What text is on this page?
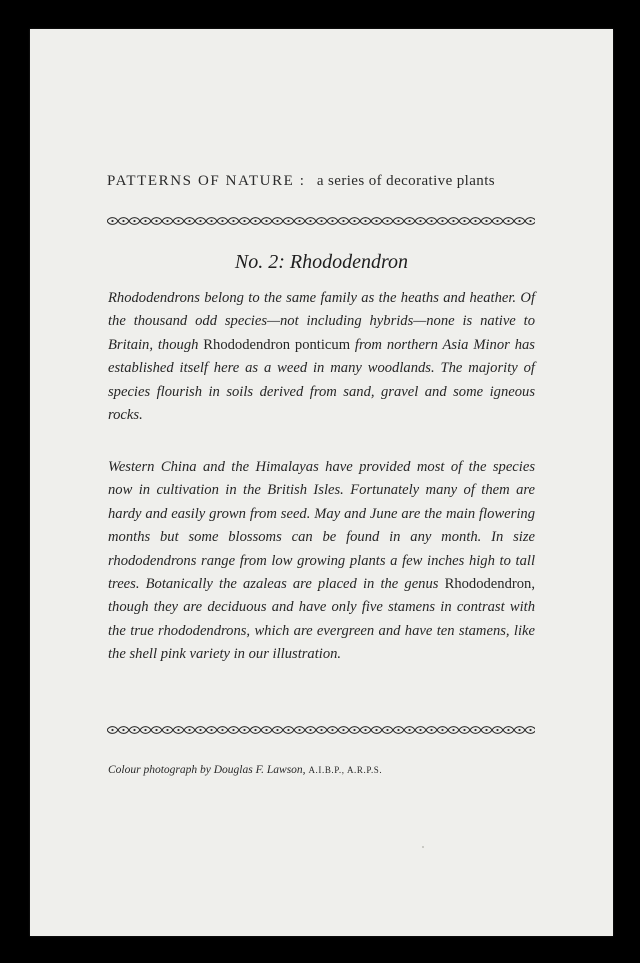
PATTERNS OF NATURE : a series of decorative plants
No. 2: Rhododendron
Rhododendrons belong to the same family as the heaths and heather. Of the thousand odd species—not including hybrids—none is native to Britain, though Rhododendron ponticum from northern Asia Minor has established itself here as a weed in many woodlands. The majority of species flourish in soils derived from sand, gravel and some igneous rocks.
Western China and the Himalayas have provided most of the species now in cultivation in the British Isles. Fortunately many of them are hardy and easily grown from seed. May and June are the main flowering months but some blossoms can be found in any month. In size rhododendrons range from low growing plants a few inches high to tall trees. Botanically the azaleas are placed in the genus Rhododendron, though they are deciduous and have only five stamens in contrast with the true rhododendrons, which are evergreen and have ten stamens, like the shell pink variety in our illustration.
Colour photograph by Douglas F. Lawson, A.I.B.P., A.R.P.S.
